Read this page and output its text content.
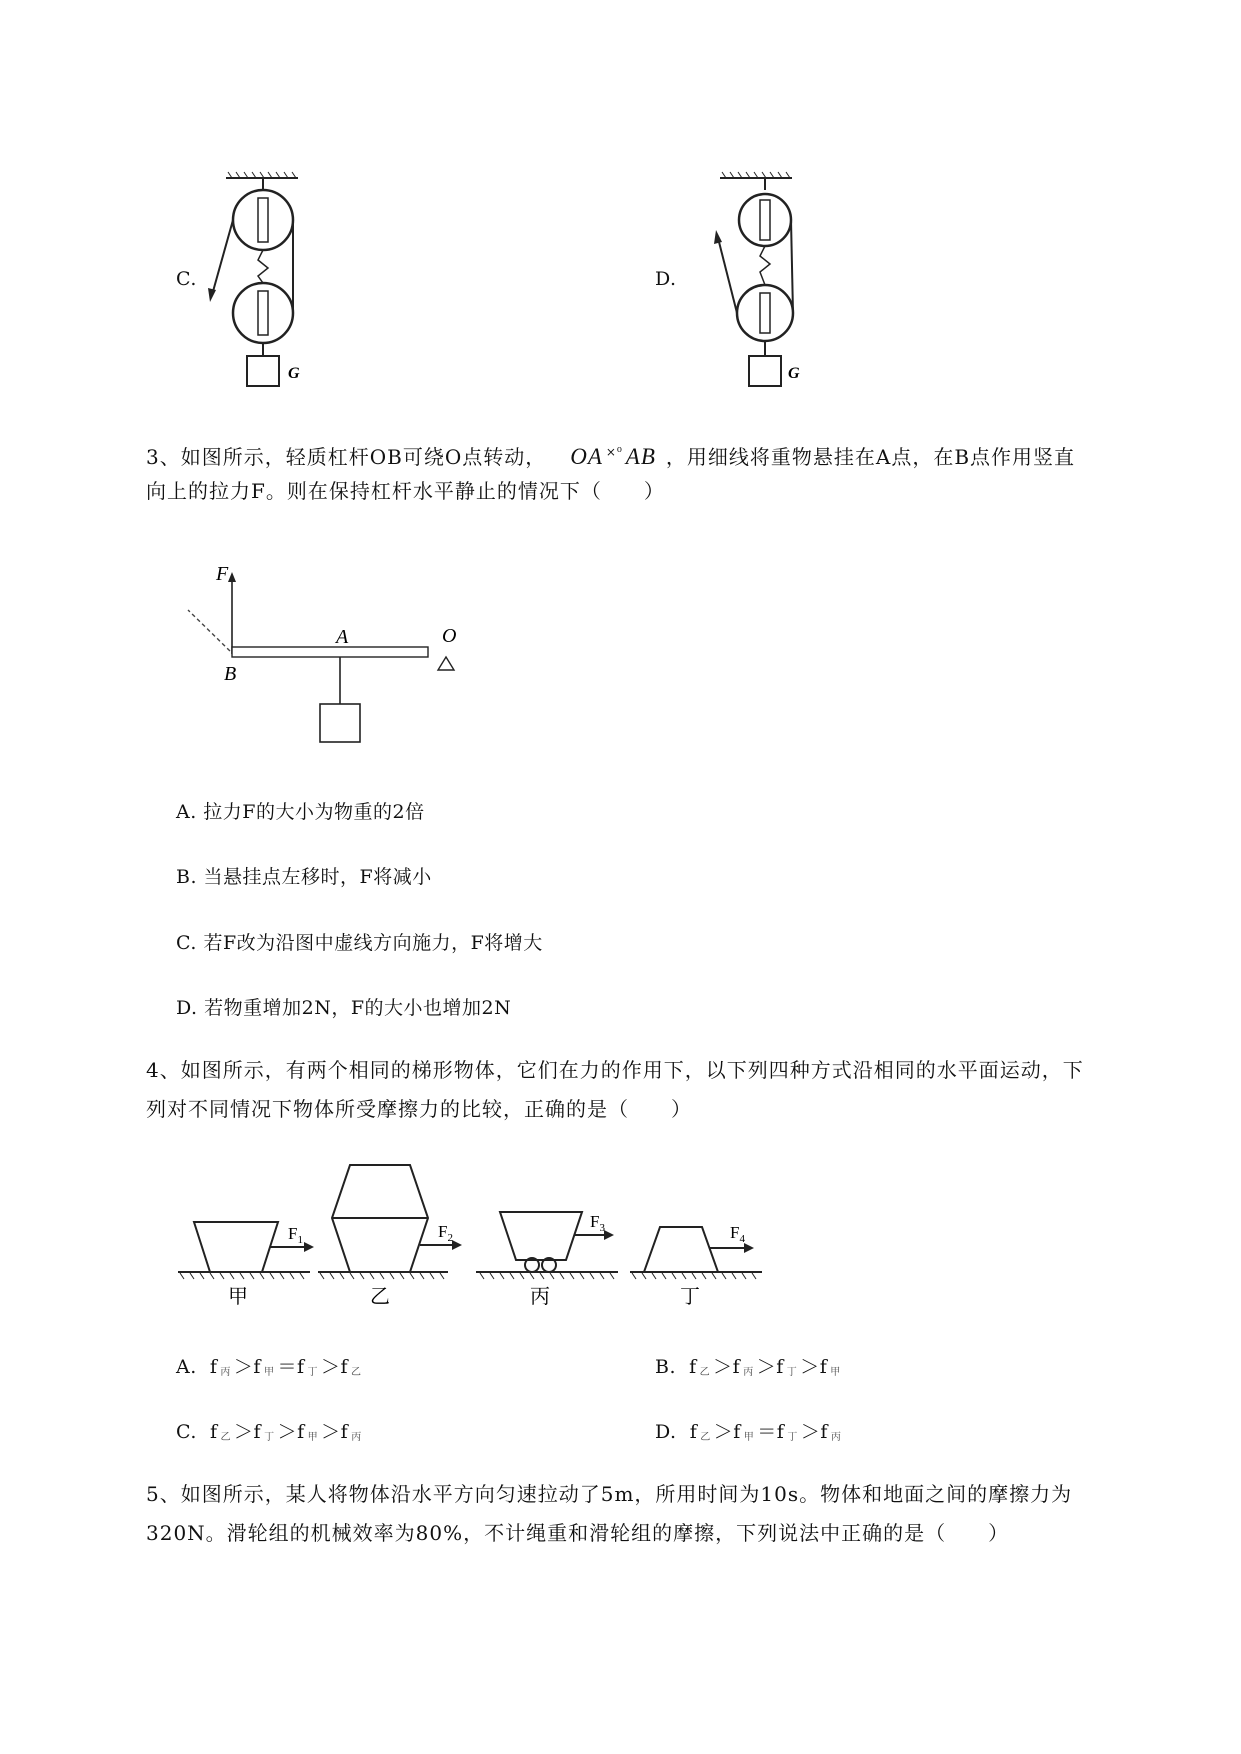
C.
G
D.
G
3、如图所示，轻质杠杆OB可绕O点转动， OA $^{\times^0}$ AB ，用细线将重物悬挂在A点，在B点作用竖直
向上的拉力F。则在保持杠杆水平静止的情况下（　　）
F
A	O
B
A. 拉力F的大小为物重的2倍
B. 当悬挂点左移时，F将减小
C. 若F改为沿图中虚线方向施力，F将增大
D. 若物重增加2N，F的大小也增加2N
4、如图所示，有两个相同的梯形物体，它们在力的作用下，以下列四种方式沿相同的水平面运动，下
列对不同情况下物体所受摩擦力的比较，正确的是（　　）
$F_1$
甲
$F_2$
乙
$F_3$
丙
$F_4$
丁
A. f $_丙$ ＞f $_甲$ ＝f $_丁$ ＞f $_乙$	B. f $_乙$ ＞f $_丙$ ＞f $_丁$ ＞f $_甲$
C. f $_乙$ ＞f $_丁$ ＞f $_甲$ ＞f $_丙$	D. f $_乙$ ＞f $_甲$ ＝f $_丁$ ＞f $_丙$
5、如图所示，某人将物体沿水平方向匀速拉动了5m，所用时间为10s。物体和地面之间的摩擦力为
320N。滑轮组的机械效率为80%，不计绳重和滑轮组的摩擦，下列说法中正确的是（　　）
